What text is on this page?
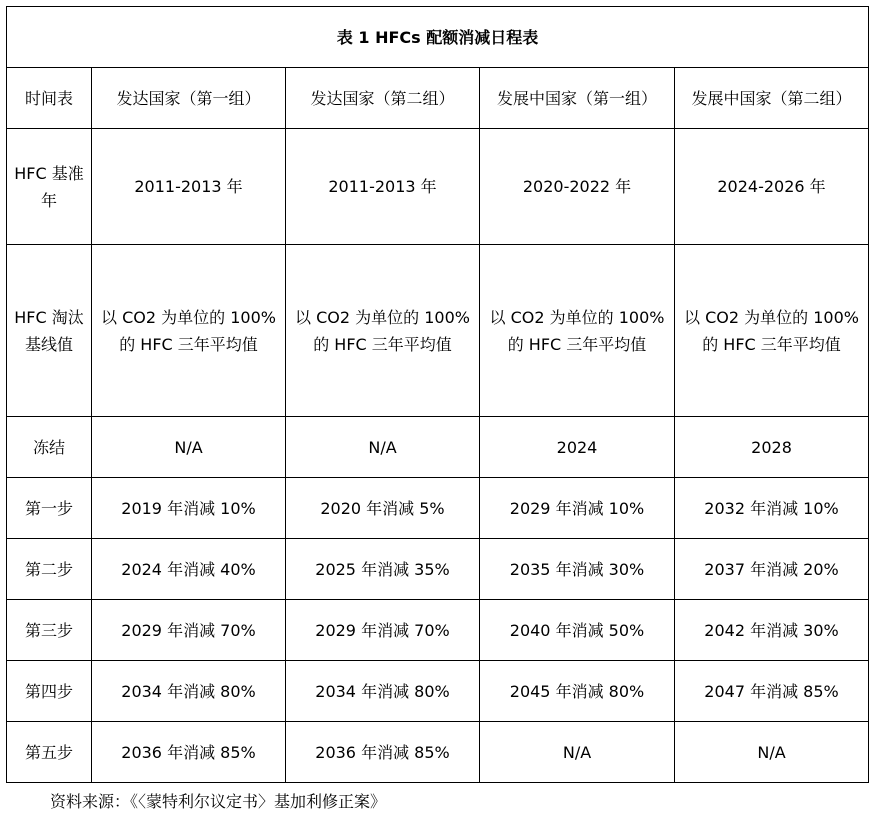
表 1 HFCs 配额消减日程表				
时间表	发达国家（第一组）	发达国家（第二组）	发展中国家（第一组）	发展中国家（第二组）
HFC 基准年	2011-2013 年	2011-2013 年	2020-2022 年	2024-2026 年
HFC 淘汰基线值	以 CO2 为单位的 100% 的 HFC 三年平均值	以 CO2 为单位的 100% 的 HFC 三年平均值	以 CO2 为单位的 100% 的 HFC 三年平均值	以 CO2 为单位的 100% 的 HFC 三年平均值
冻结	N/A	N/A	2024	2028
第一步	2019 年消减 10%	2020 年消减 5%	2029 年消减 10%	2032 年消减 10%
第二步	2024 年消减 40%	2025 年消减 35%	2035 年消减 30%	2037 年消减 20%
第三步	2029 年消减 70%	2029 年消减 70%	2040 年消减 50%	2042 年消减 30%
第四步	2034 年消减 80%	2034 年消减 80%	2045 年消减 80%	2047 年消减 85%
第五步	2036 年消减 85%	2036 年消减 85%	N/A	N/A
资料来源：《〈蒙特利尔议定书〉基加利修正案》
